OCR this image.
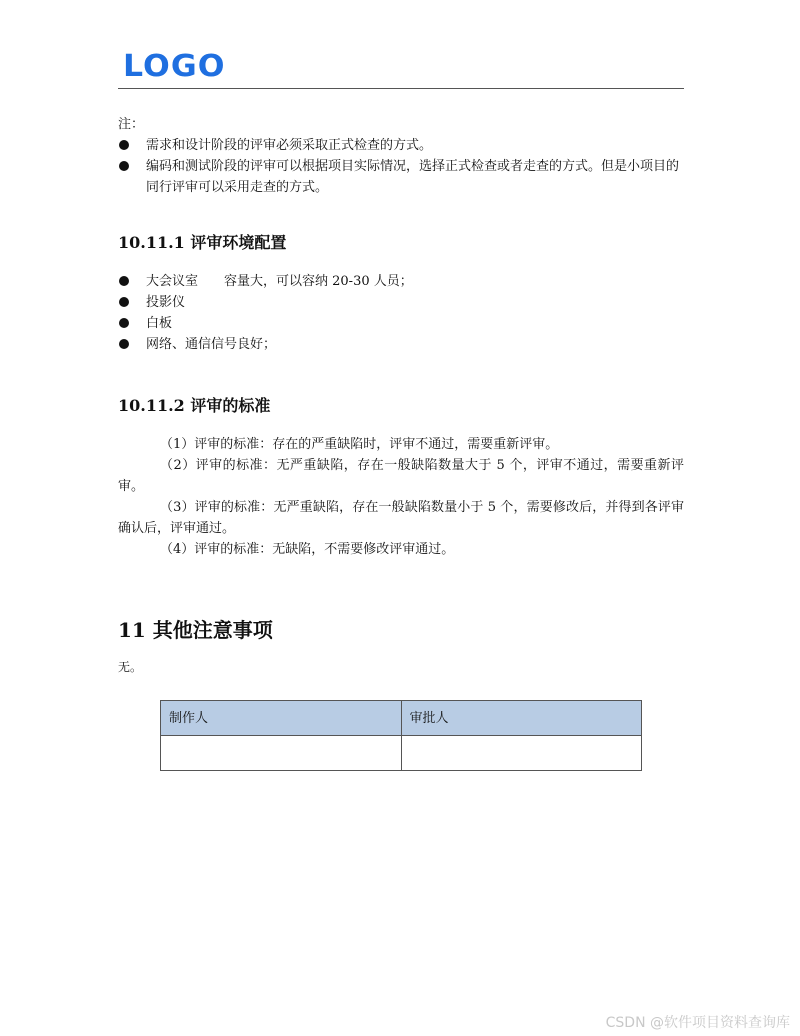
LOGO

注：

需求和设计阶段的评审必须采取正式检查的方式。
编码和测试阶段的评审可以根据项目实际情况，选择正式检查或者走查的方式。但是小项目的同行评审可以采用走查的方式。
10.11.1 评审环境配置
大会议室　　容量大，可以容纳 20-30 人员；
投影仪
白板
网络、通信信号良好；
10.11.2 评审的标准

（1）评审的标准：存在的严重缺陷时，评审不通过，需要重新评审。

（2）评审的标准：无严重缺陷，存在一般缺陷数量大于 5 个，评审不通过，需要重新评审。

（3）评审的标准：无严重缺陷，存在一般缺陷数量小于 5 个，需要修改后，并得到各评审确认后，评审通过。

（4）评审的标准：无缺陷，不需要修改评审通过。

11 其他注意事项

无。

制作人	审批人

CSDN @软件项目资料查询库
